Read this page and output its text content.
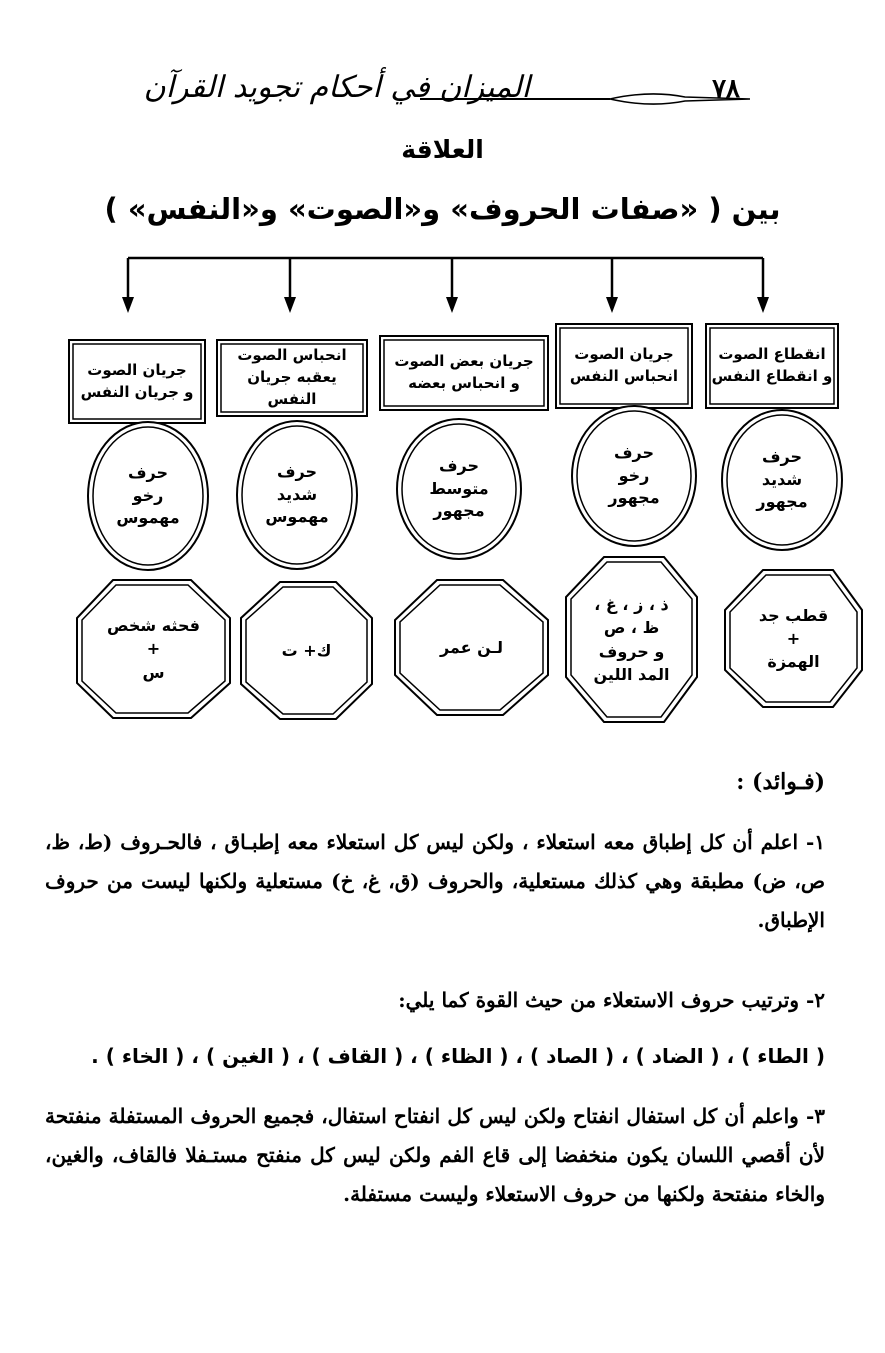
الميزان في أحكام تجويد القرآن	٧٨
العلاقة
بين ( «صفات الحروف» و«الصوت» و«النفس» )
انقطاع الصوت
و انقطاع النفس
جريان الصوت
انحباس النفس
جريان بعض الصوت
و انحباس بعضه
انحباس الصوت
يعقبه جريان النفس
جريان الصوت
و جريان النفس
حرف
شديد
مجهور
حرف
رخو
مجهور
حرف
متوسط
مجهور
حرف
شديد
مهموس
حرف
رخو
مهموس
قطب جد
+
الهمزة
ذ ، ز ، غ ،
ظ ، ص
و حروف
المد اللين
لـن عمر
ك+ ت
فحثه شخص
+
س
(فـوائد) :
١- اعلم أن كل إطباق معه استعلاء ، ولكن ليس كل استعلاء معه إطبـاق ، فالحـروف (ط، ظ، ص، ض) مطبقة وهي كذلك مستعلية، والحروف (ق، غ، خ) مستعلية ولكنها ليست من حروف الإطباق.
٢- وترتيب حروف الاستعلاء من حيث القوة كما يلي:
( الطاء ) ، ( الضاد ) ، ( الصاد ) ، ( الظاء ) ، ( القاف ) ، ( الغين ) ، ( الخاء ) .
٣- واعلم أن كل استفال انفتاح ولكن ليس كل انفتاح استفال، فجميع الحروف المستفلة منفتحة لأن أقصي اللسان يكون منخفضا إلى قاع الفم ولكن ليس كل منفتح مستـفلا فالقاف، والغين، والخاء منفتحة ولكنها من حروف الاستعلاء وليست مستفلة.
